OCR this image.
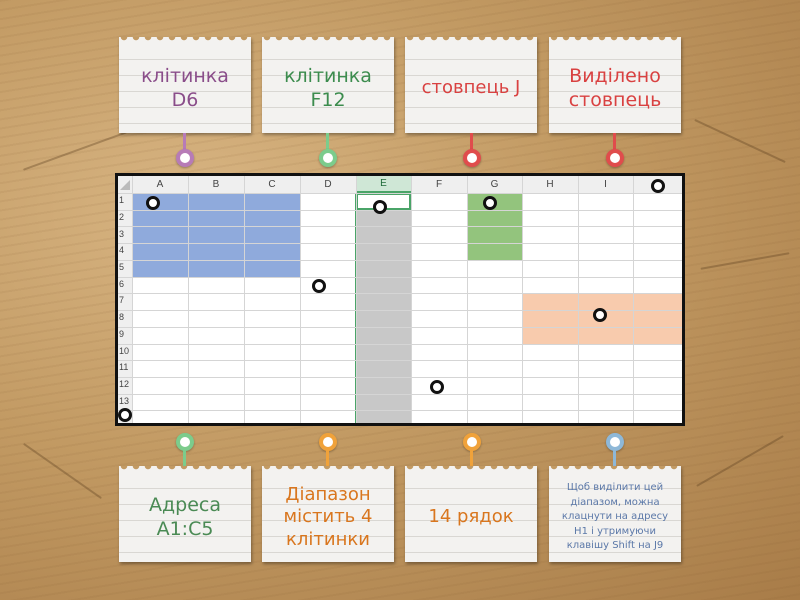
клітинка D6
клітинка F12
стовпець J
Виділено стовпець
A	B	C	D	E	F	G	H	I
1
2
3
4
5
6
7
8
9
10
11
12
13
Адреса A1:C5
Діапазон містить 4 клітинки
14 рядок
Щоб виділити цей діапазом, можна клацнути на адресу H1 і утримуючи клавішу Shift на J9
